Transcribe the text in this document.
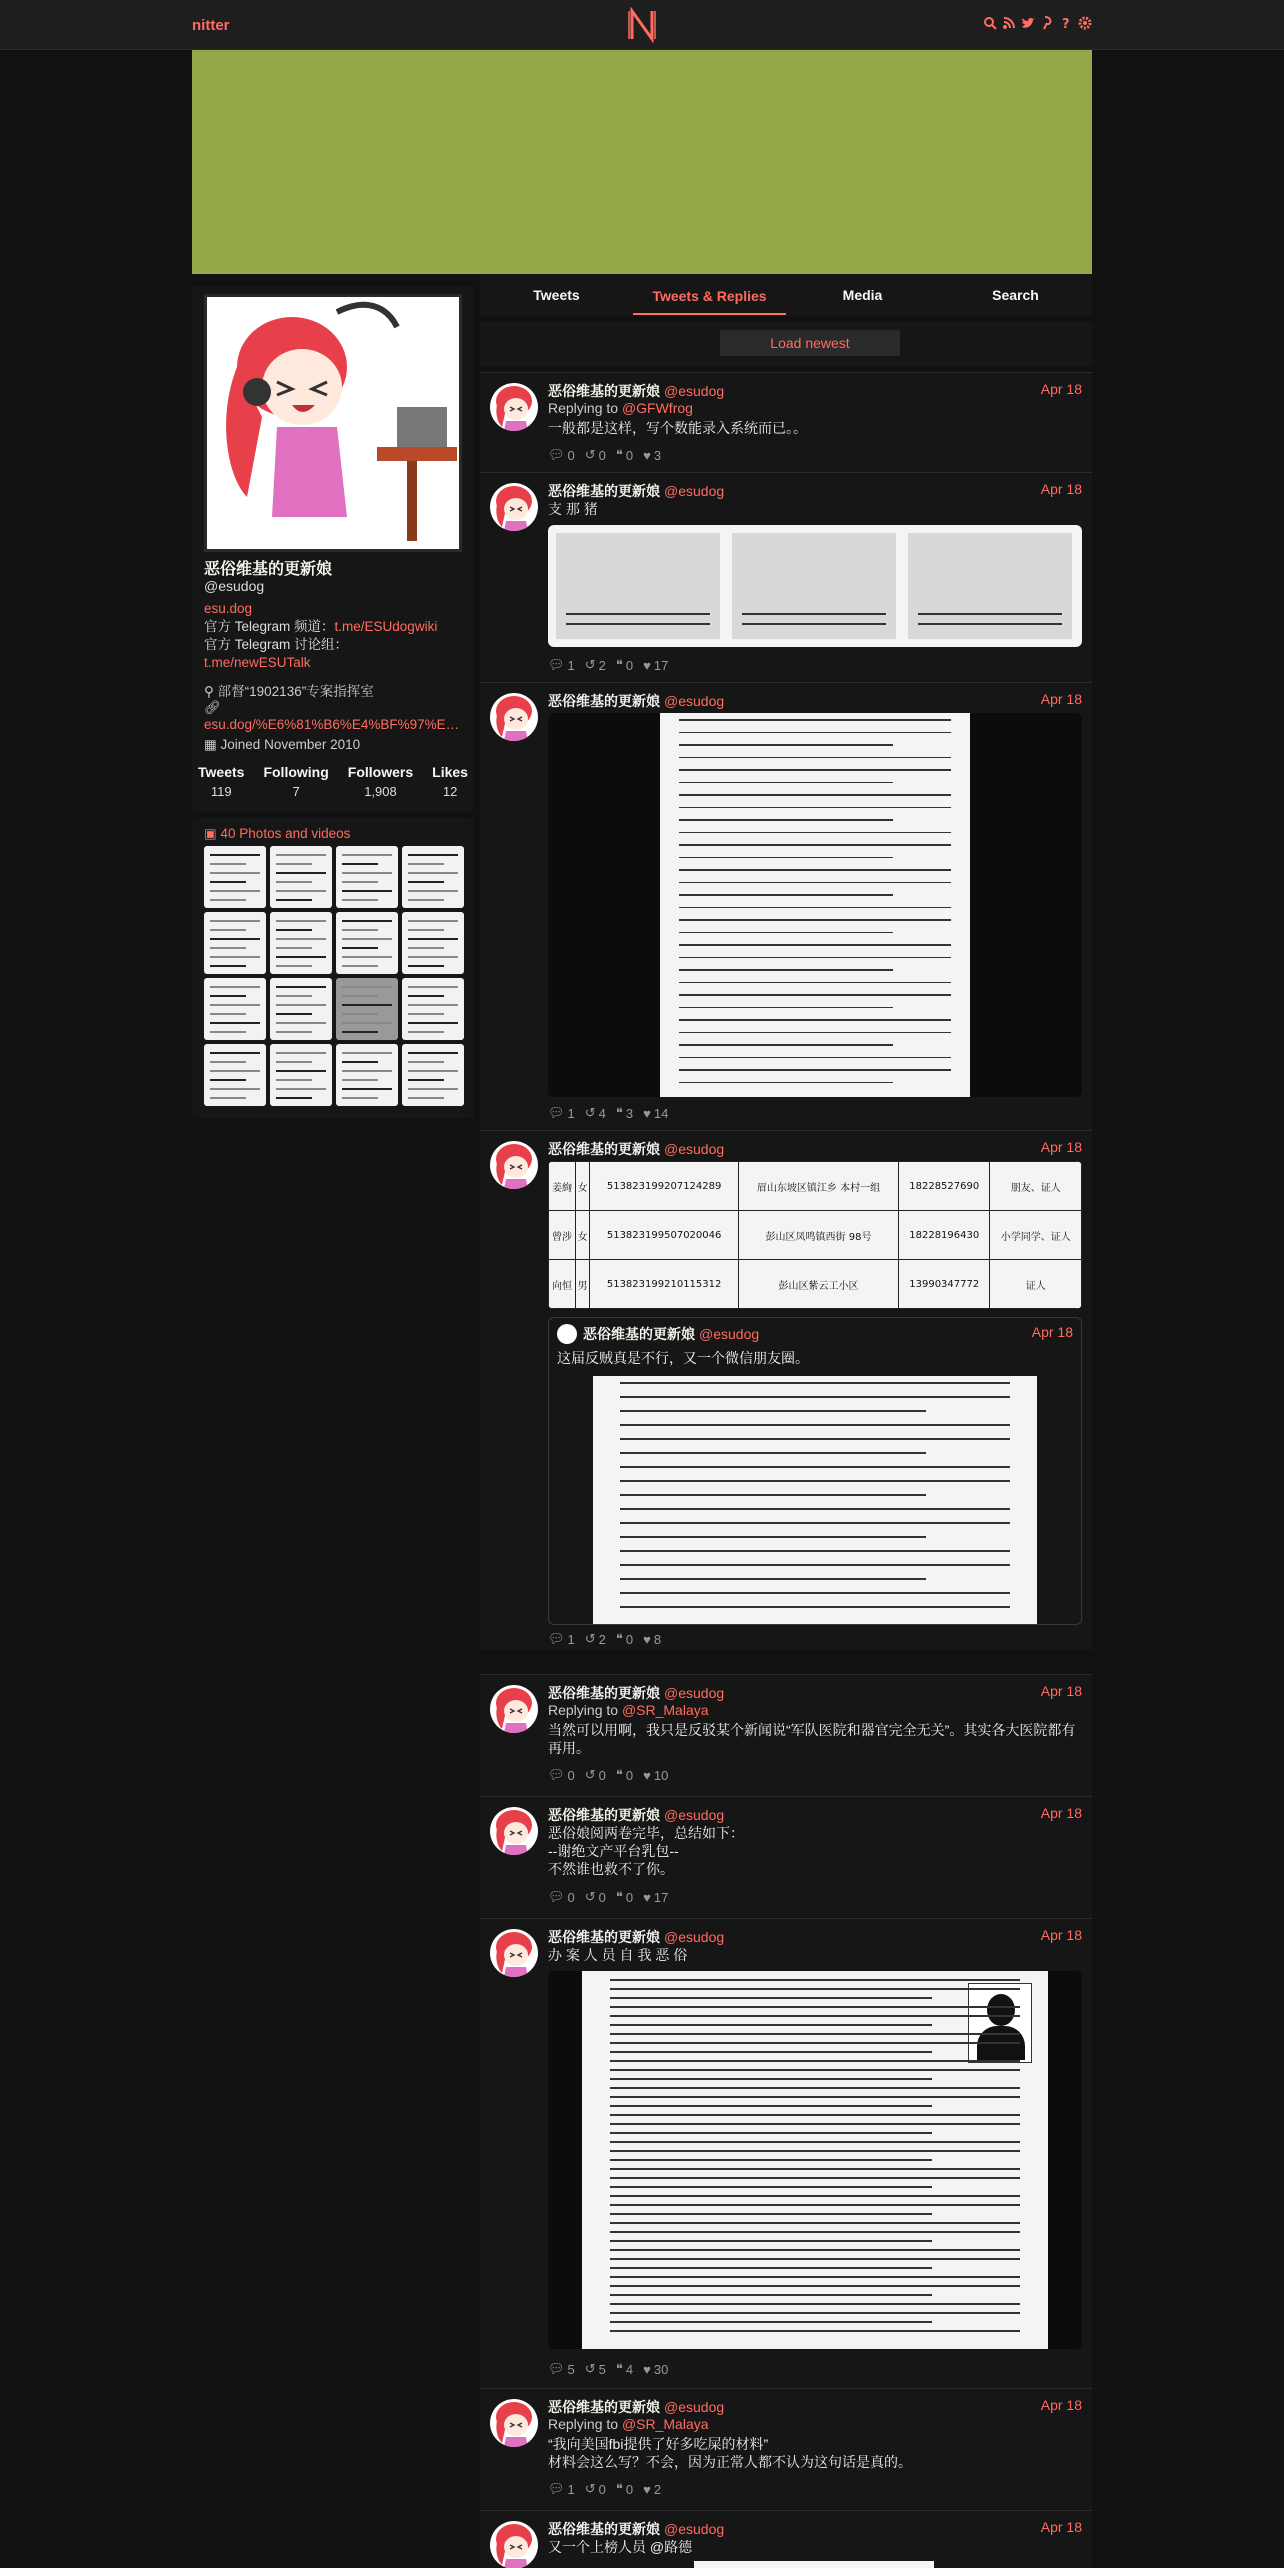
nitter	?
恶俗维基的更新娘
@esudog
esu.dog
官方 Telegram 频道：t.me/ESUdogwiki
官方 Telegram 讨论组：
t.me/newESUTalk
⚲ 部督“1902136”专案指挥室
🔗︎
esu.dog/%E6%81%B6%E4%BF%97%E…
▦ Joined November 2010
Tweets
119
Following
7
Followers
1,908
Likes
12
▣ 40 Photos and videos
Tweets	Tweets & Replies	Media	Search
Load newest
恶俗维基的更新娘 @esudog	Apr 18
Replying to @GFWfrog
一般都是这样，写个数能录入系统而已。。
💬︎ 0 ↺ 0 ❝ 0 ♥ 3
恶俗维基的更新娘 @esudog	Apr 18
支 那 猪
💬︎ 1 ↺ 2 ❝ 0 ♥ 17
恶俗维基的更新娘 @esudog	Apr 18
💬︎ 1 ↺ 4 ❝ 3 ♥ 14
恶俗维基的更新娘 @esudog	Apr 18
姜絢	女	513823199207124289	眉山东坡区镇江乡 本村一组	18228527690	朋友、证人
曾涉	女	513823199507020046	彭山区凤鸣镇西街 98号	18228196430	小学同学、证人
向恒	男	513823199210115312	彭山区紫云工小区	13990347772	证人
恶俗维基的更新娘 @esudog	Apr 18
这届反贼真是不行，又一个微信朋友圈。
💬︎ 1 ↺ 2 ❝ 0 ♥ 8
恶俗维基的更新娘 @esudog	Apr 18
Replying to @SR_Malaya
当然可以用啊，我只是反驳某个新闻说“军队医院和器官完全无关”。其实各大医院都有再用。
💬︎ 0 ↺ 0 ❝ 0 ♥ 10
恶俗维基的更新娘 @esudog	Apr 18
恶俗娘阅两卷完毕，总结如下：
--谢绝文产平台乳包--
不然谁也救不了你。
💬︎ 0 ↺ 0 ❝ 0 ♥ 17
恶俗维基的更新娘 @esudog	Apr 18
办 案 人 员 自 我 恶 俗
💬︎ 5 ↺ 5 ❝ 4 ♥ 30
恶俗维基的更新娘 @esudog	Apr 18
Replying to @SR_Malaya
“我向美国fbi提供了好多吃屎的材料”
材料会这么写？不会，因为正常人都不认为这句话是真的。
💬︎ 1 ↺ 0 ❝ 0 ♥ 2
恶俗维基的更新娘 @esudog	Apr 18
又一个上榜人员 @路德
